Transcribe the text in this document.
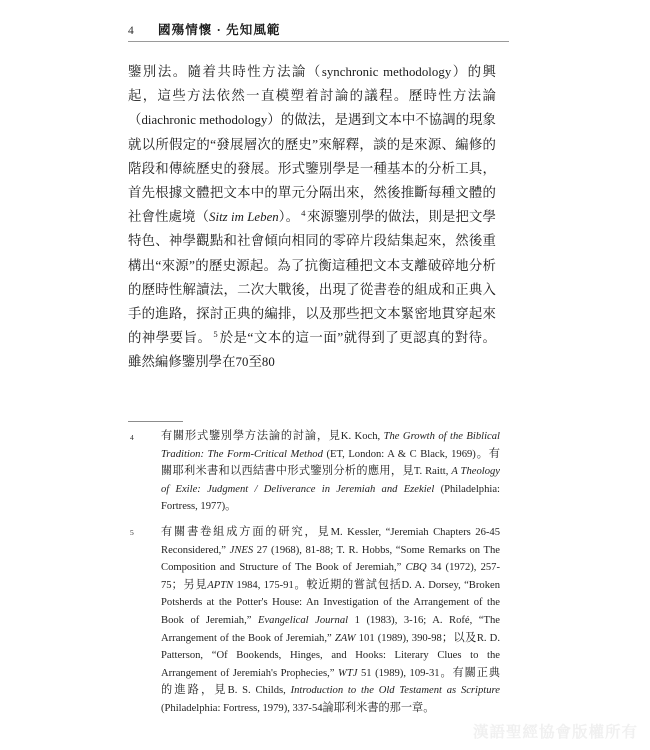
4	國殤情懷 · 先知風範

鑒別法。隨着共時性方法論（synchronic methodology）的興起，這些方法依然一直模塑着討論的議程。歷時性方法論（diachronic methodology）的做法，是遇到文本中不協調的現象就以所假定的“發展層次的歷史”來解釋，談的是來源、編修的階段和傳統歷史的發展。形式鑒別學是一種基本的分析工具，首先根據文體把文本中的單元分隔出來，然後推斷每種文體的社會性處境（Sitz im Leben）。 $^4$ 來源鑒別學的做法，則是把文學特色、神學觀點和社會傾向相同的零碎片段結集起來，然後重構出“來源”的歷史源起。為了抗衡這種把文本支離破碎地分析的歷時性解讀法，二次大戰後，出現了從書卷的組成和正典入手的進路，探討正典的編排，以及那些把文本緊密地貫穿起來的神學要旨。 $^5$ 於是“文本的這一面”就得到了更認真的對待。雖然編修鑒別學在70至80

4 有關形式鑒別學方法論的討論，見K. Koch, The Growth of the Biblical Tradition: The Form-Critical Method (ET, London: A & C Black, 1969)。有關耶利米書和以西結書中形式鑒別分析的應用，見T. Raitt, A Theology of Exile: Judgment / Deliverance in Jeremiah and Ezekiel (Philadelphia: Fortress, 1977)。
5 有關書卷組成方面的研究，見M. Kessler, “Jeremiah Chapters 26-45 Reconsidered,” JNES 27 (1968), 81-88; T. R. Hobbs, “Some Remarks on The Composition and Structure of The Book of Jeremiah,” CBQ 34 (1972), 257-75；另見APTN 1984, 175-91。較近期的嘗試包括D. A. Dorsey, “Broken Potsherds at the Potter's House: An Investigation of the Arrangement of the Book of Jeremiah,” Evangelical Journal 1 (1983), 3-16; A. Rofé, “The Arrangement of the Book of Jeremiah,” ZAW 101 (1989), 390-98；以及R. D. Patterson, “Of Bookends, Hinges, and Hooks: Literary Clues to the Arrangement of Jeremiah's Prophecies,” WTJ 51 (1989), 109-31。有關正典的進路，見B. S. Childs, Introduction to the Old Testament as Scripture (Philadelphia: Fortress, 1979), 337-54論耶利米書的那一章。
漢語聖經協會版權所有
